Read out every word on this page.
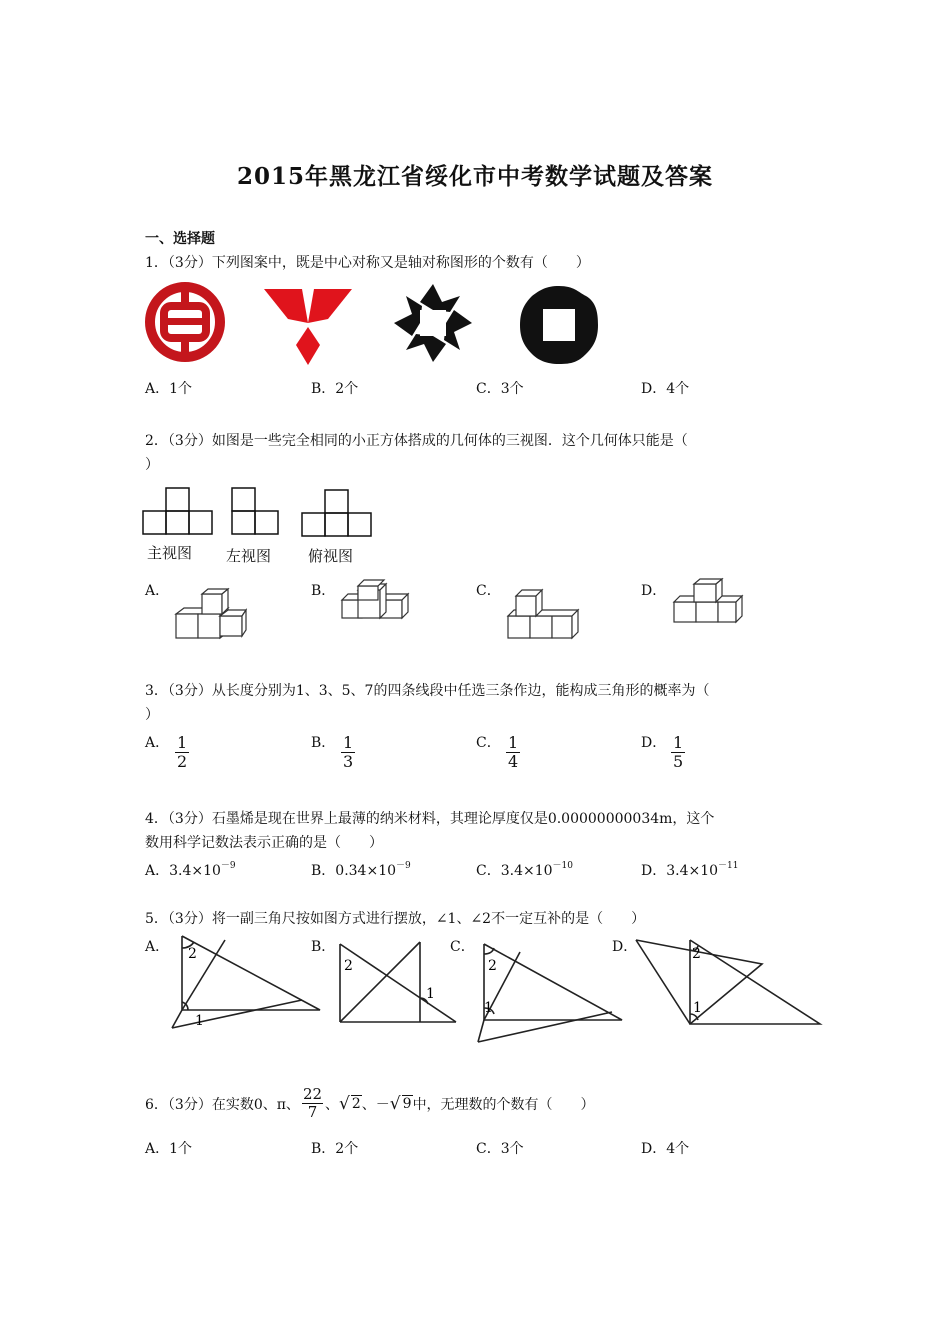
2015年黑龙江省绥化市中考数学试题及答案
一、选择题
1．（3分）下列图案中，既是中心对称又是轴对称图形的个数有（　　）
A．1个	B．2个	C．3个	D．4个
2．（3分）如图是一些完全相同的小正方体搭成的几何体的三视图．这个几何体只能是（
）
主视图 左视图 俯视图
A．	B．	C．	D．
3．（3分）从长度分别为1、3、5、7的四条线段中任选三条作边，能构成三角形的概率为（
）
A． $\frac{1}{2}$	B． $\frac{1}{3}$	C． $\frac{1}{4}$	D． $\frac{1}{5}$
4．（3分）石墨烯是现在世界上最薄的纳米材料，其理论厚度仅是0.00000000034m，这个
数用科学记数法表示正确的是（　　）
A．$3.4\times 10^{-9}$	B．$0.34\times 10^{-9}$	C．$3.4\times 10^{-10}$	D．$3.4\times 10^{-11}$
5．（3分）将一副三角尺按如图方式进行摆放，∠1、∠2不一定互补的是（　　）
A．	B．	C．	D．
2
1
2
1
2
1
2
1
6．（3分）在实数0、π、 $\frac{22}{7}$ 、 √ 2 、－ √ 9 中，无理数的个数有（　　）
A．1个	B．2个	C．3个	D．4个
